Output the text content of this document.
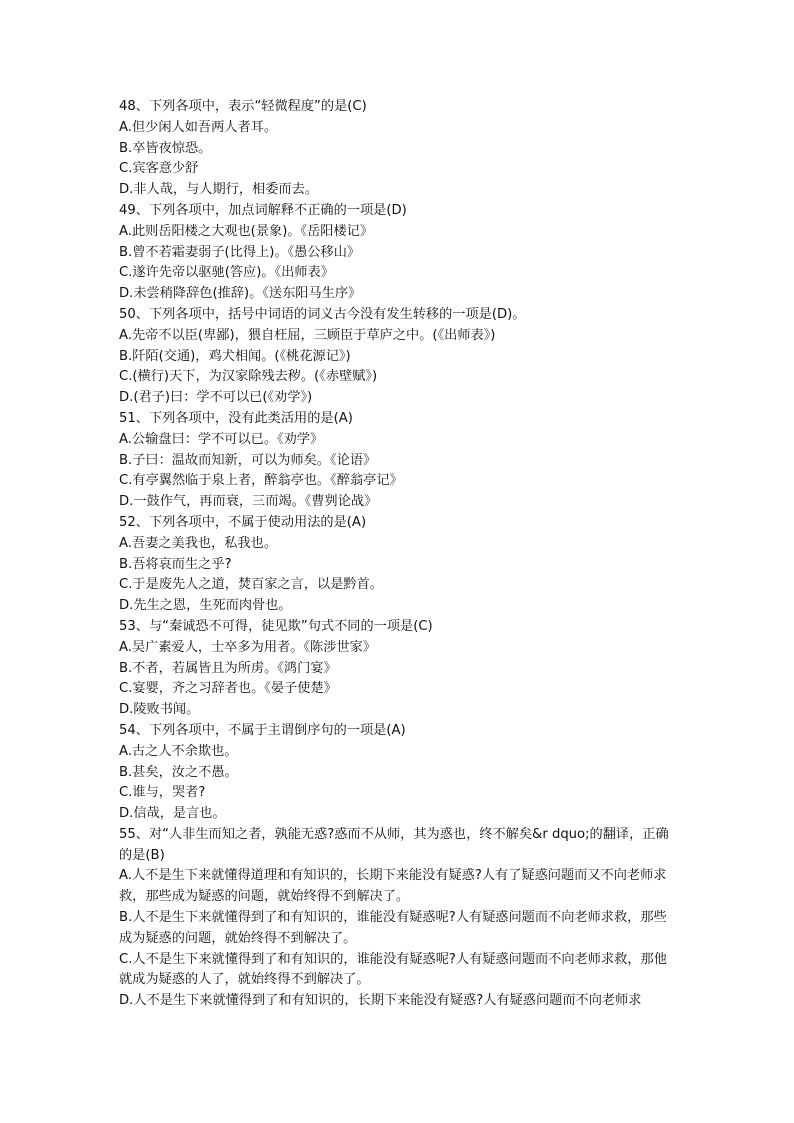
48、下列各项中，表示“轻微程度”的是(C)
A.但少闲人如吾两人者耳。
B.卒皆夜惊恐。
C.宾客意少舒
D.非人哉，与人期行，相委而去。
49、下列各项中，加点词解释不正确的一项是(D)
A.此则岳阳楼之大观也(景象)。《岳阳楼记》
B.曾不若霜妻弱子(比得上)。《愚公移山》
C.遂许先帝以驱驰(答应)。《出师表》
D.未尝稍降辞色(推辞)。《送东阳马生序》
50、下列各项中，括号中词语的词义古今没有发生转移的一项是(D)。
A.先帝不以臣(卑鄙)，猥自枉屈，三顾臣于草庐之中。(《出师表》)
B.阡陌(交通)，鸡犬相闻。(《桃花源记》)
C.(横行)天下，为汉家除残去秽。(《赤壁赋》)
D.(君子)曰：学不可以已(《劝学》)
51、下列各项中，没有此类活用的是(A)
A.公输盘曰：学不可以已。《劝学》
B.子曰：温故而知新，可以为师矣。《论语》
C.有亭翼然临于泉上者，醉翁亭也。《醉翁亭记》
D.一鼓作气，再而衰，三而竭。《曹刿论战》
52、下列各项中，不属于使动用法的是(A)
A.吾妻之美我也，私我也。
B.吾将哀而生之乎?
C.于是废先人之道，焚百家之言，以是黔首。
D.先生之恩，生死而肉骨也。
53、与“秦诚恐不可得，徒见欺”句式不同的一项是(C)
A.吴广素爱人，士卒多为用者。《陈涉世家》
B.不者，若属皆且为所虏。《鸿门宴》
C.宴婴，齐之习辞者也。《晏子使楚》
D.陵败书闻。
54、下列各项中，不属于主谓倒序句的一项是(A)
A.古之人不余欺也。
B.甚矣，汝之不愚。
C.谁与，哭者?
D.信哉，是言也。
55、对“人非生而知之者，孰能无惑?惑而不从师，其为惑也，终不解矣&r dquo;的翻译，正确的是(B)
A.人不是生下来就懂得道理和有知识的，长期下来能没有疑惑?人有了疑惑问题而又不向老师求救，那些成为疑惑的问题，就始终得不到解决了。
B.人不是生下来就懂得到了和有知识的，谁能没有疑惑呢?人有疑惑问题而不向老师求救，那些成为疑惑的问题，就始终得不到解决了。
C.人不是生下来就懂得到了和有知识的，谁能没有疑惑呢?人有疑惑问题而不向老师求救，那他就成为疑惑的人了，就始终得不到解决了。
D.人不是生下来就懂得到了和有知识的，长期下来能没有疑惑?人有疑惑问题而不向老师求
